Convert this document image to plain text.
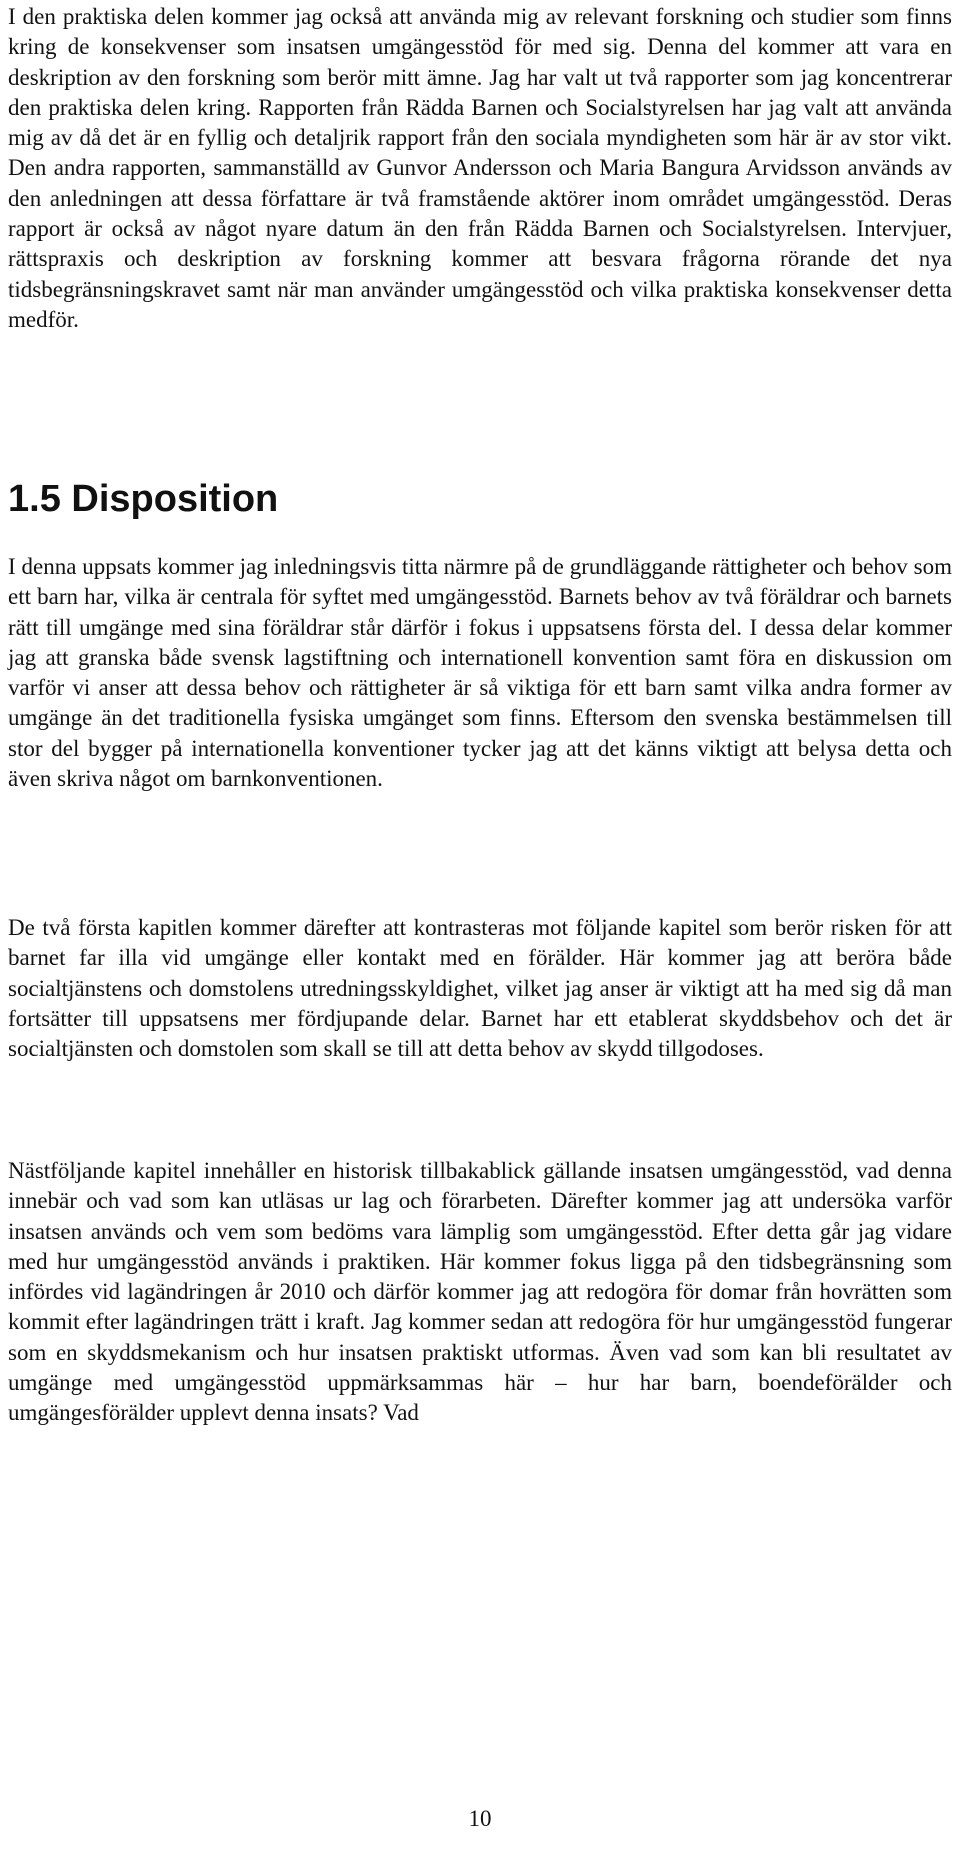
I den praktiska delen kommer jag också att använda mig av relevant forskning och studier som finns kring de konsekvenser som insatsen umgängesstöd för med sig. Denna del kommer att vara en deskription av den forskning som berör mitt ämne. Jag har valt ut två rapporter som jag koncentrerar den praktiska delen kring. Rapporten från Rädda Barnen och Socialstyrelsen har jag valt att använda mig av då det är en fyllig och detaljrik rapport från den sociala myndigheten som här är av stor vikt. Den andra rapporten, sammanställd av Gunvor Andersson och Maria Bangura Arvidsson används av den anledningen att dessa författare är två framstående aktörer inom området umgängesstöd. Deras rapport är också av något nyare datum än den från Rädda Barnen och Socialstyrelsen. Intervjuer, rättspraxis och deskription av forskning kommer att besvara frågorna rörande det nya tidsbegränsningskravet samt när man använder umgängesstöd och vilka praktiska konsekvenser detta medför.

I denna uppsats kommer jag inledningsvis titta närmre på de grundläggande rättigheter och behov som ett barn har, vilka är centrala för syftet med umgängesstöd. Barnets behov av två föräldrar och barnets rätt till umgänge med sina föräldrar står därför i fokus i uppsatsens första del. I dessa delar kommer jag att granska både svensk lagstiftning och internationell konvention samt föra en diskussion om varför vi anser att dessa behov och rättigheter är så viktiga för ett barn samt vilka andra former av umgänge än det traditionella fysiska umgänget som finns. Eftersom den svenska bestämmelsen till stor del bygger på internationella konventioner tycker jag att det känns viktigt att belysa detta och även skriva något om barnkonventionen.

De två första kapitlen kommer därefter att kontrasteras mot följande kapitel som berör risken för att barnet far illa vid umgänge eller kontakt med en förälder. Här kommer jag att beröra både socialtjänstens och domstolens utredningsskyldighet, vilket jag anser är viktigt att ha med sig då man fortsätter till uppsatsens mer fördjupande delar. Barnet har ett etablerat skyddsbehov och det är socialtjänsten och domstolen som skall se till att detta behov av skydd tillgodoses.

Nästföljande kapitel innehåller en historisk tillbakablick gällande insatsen umgängesstöd, vad denna innebär och vad som kan utläsas ur lag och förarbeten. Därefter kommer jag att undersöka varför insatsen används och vem som bedöms vara lämplig som umgängesstöd. Efter detta går jag vidare med hur umgängesstöd används i praktiken. Här kommer fokus ligga på den tidsbegränsning som infördes vid lagändringen år 2010 och därför kommer jag att redogöra för domar från hovrätten som kommit efter lagändringen trätt i kraft. Jag kommer sedan att redogöra för hur umgängesstöd fungerar som en skyddsmekanism och hur insatsen praktiskt utformas. Även vad som kan bli resultatet av umgänge med umgängesstöd uppmärksammas här – hur har barn, boendeförälder och umgängesförälder upplevt denna insats? Vad

1.5 Disposition
10
